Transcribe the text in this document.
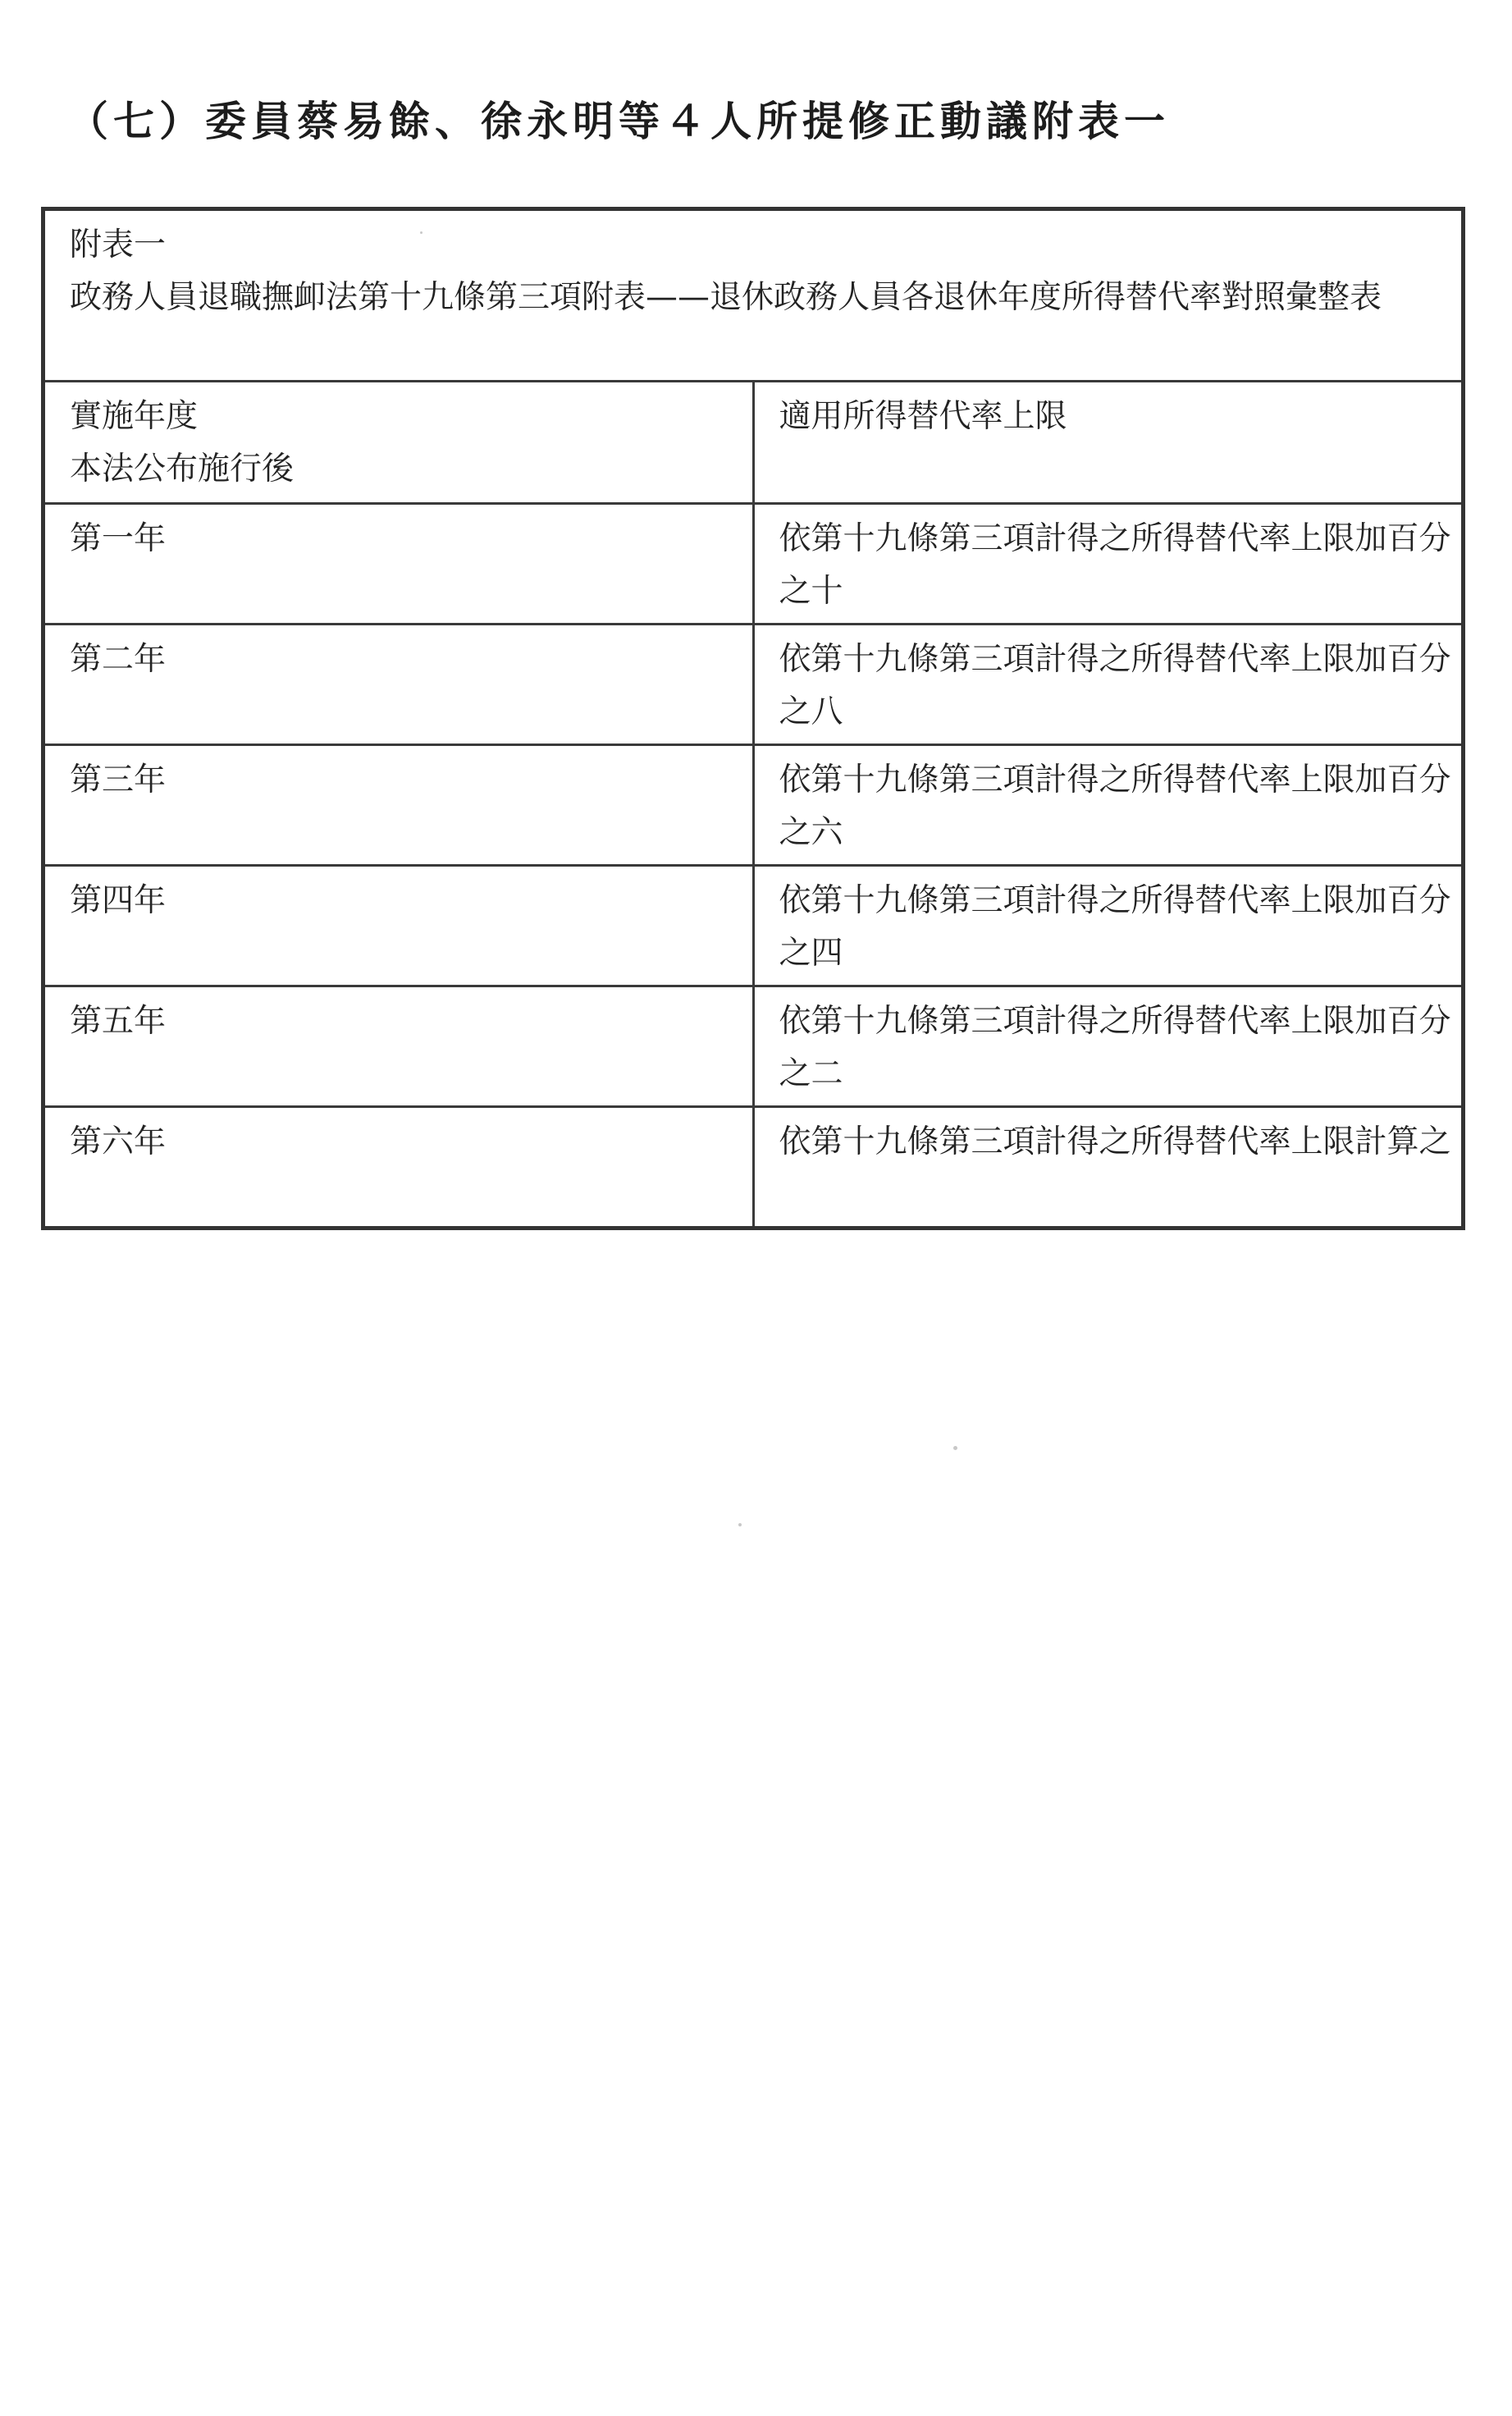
（七）委員蔡易餘、徐永明等４人所提修正動議附表一
附表一
政務人員退職撫卹法第十九條第三項附表——退休政務人員各退休年度所得替代率對照彙整表	

實施年度
本法公布施行後	適用所得替代率上限

第一年	依第十九條第三項計得之所得替代率上限加百分之十

第二年	依第十九條第三項計得之所得替代率上限加百分之八

第三年	依第十九條第三項計得之所得替代率上限加百分之六

第四年	依第十九條第三項計得之所得替代率上限加百分之四

第五年	依第十九條第三項計得之所得替代率上限加百分之二

第六年	依第十九條第三項計得之所得替代率上限計算之
